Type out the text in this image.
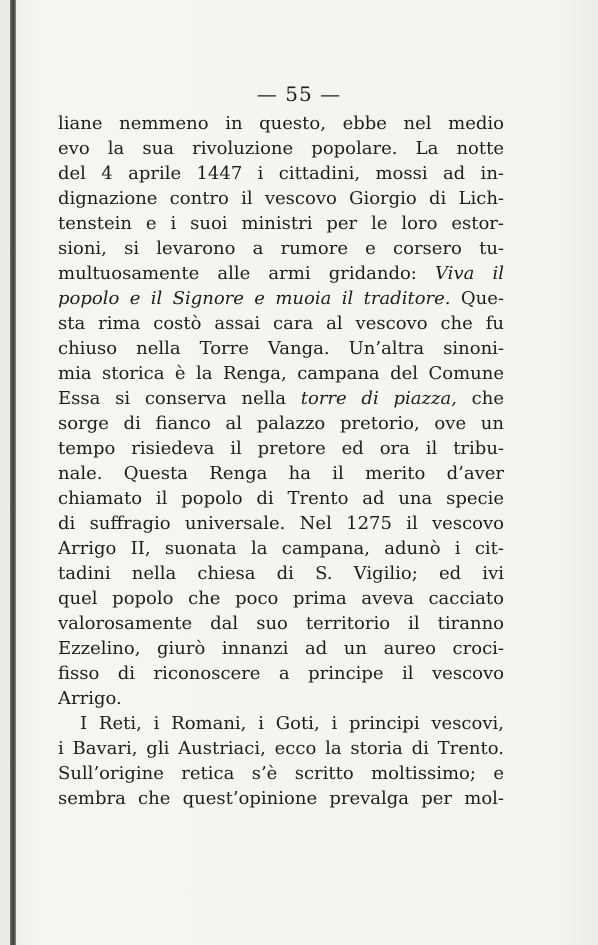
— 55 —
liane nemmeno in questo, ebbe nel medio
evo la sua rivoluzione popolare. La notte
del 4 aprile 1447 i cittadini, mossi ad in-
dignazione contro il vescovo Giorgio di Lich-
tenstein e i suoi ministri per le loro estor-
sioni, si levarono a rumore e corsero tu-
multuosamente alle armi gridando: Viva il
popolo e il Signore e muoia il traditore. Que-
sta rima costò assai cara al vescovo che fu
chiuso nella Torre Vanga. Un’altra sinoni-
mia storica è la Renga, campana del Comune
Essa si conserva nella torre di piazza, che
sorge di fianco al palazzo pretorio, ove un
tempo risiedeva il pretore ed ora il tribu-
nale. Questa Renga ha il merito d’aver
chiamato il popolo di Trento ad una specie
di suffragio universale. Nel 1275 il vescovo
Arrigo II, suonata la campana, adunò i cit-
tadini nella chiesa di S. Vigilio; ed ivi
quel popolo che poco prima aveva cacciato
valorosamente dal suo territorio il tiranno
Ezzelino, giurò innanzi ad un aureo croci-
fisso di riconoscere a principe il vescovo
Arrigo.
I Reti, i Romani, i Goti, i principi vescovi,
i Bavari, gli Austriaci, ecco la storia di Trento.
Sull’origine retica s’è scritto moltissimo; e
sembra che quest’opinione prevalga per mol-
